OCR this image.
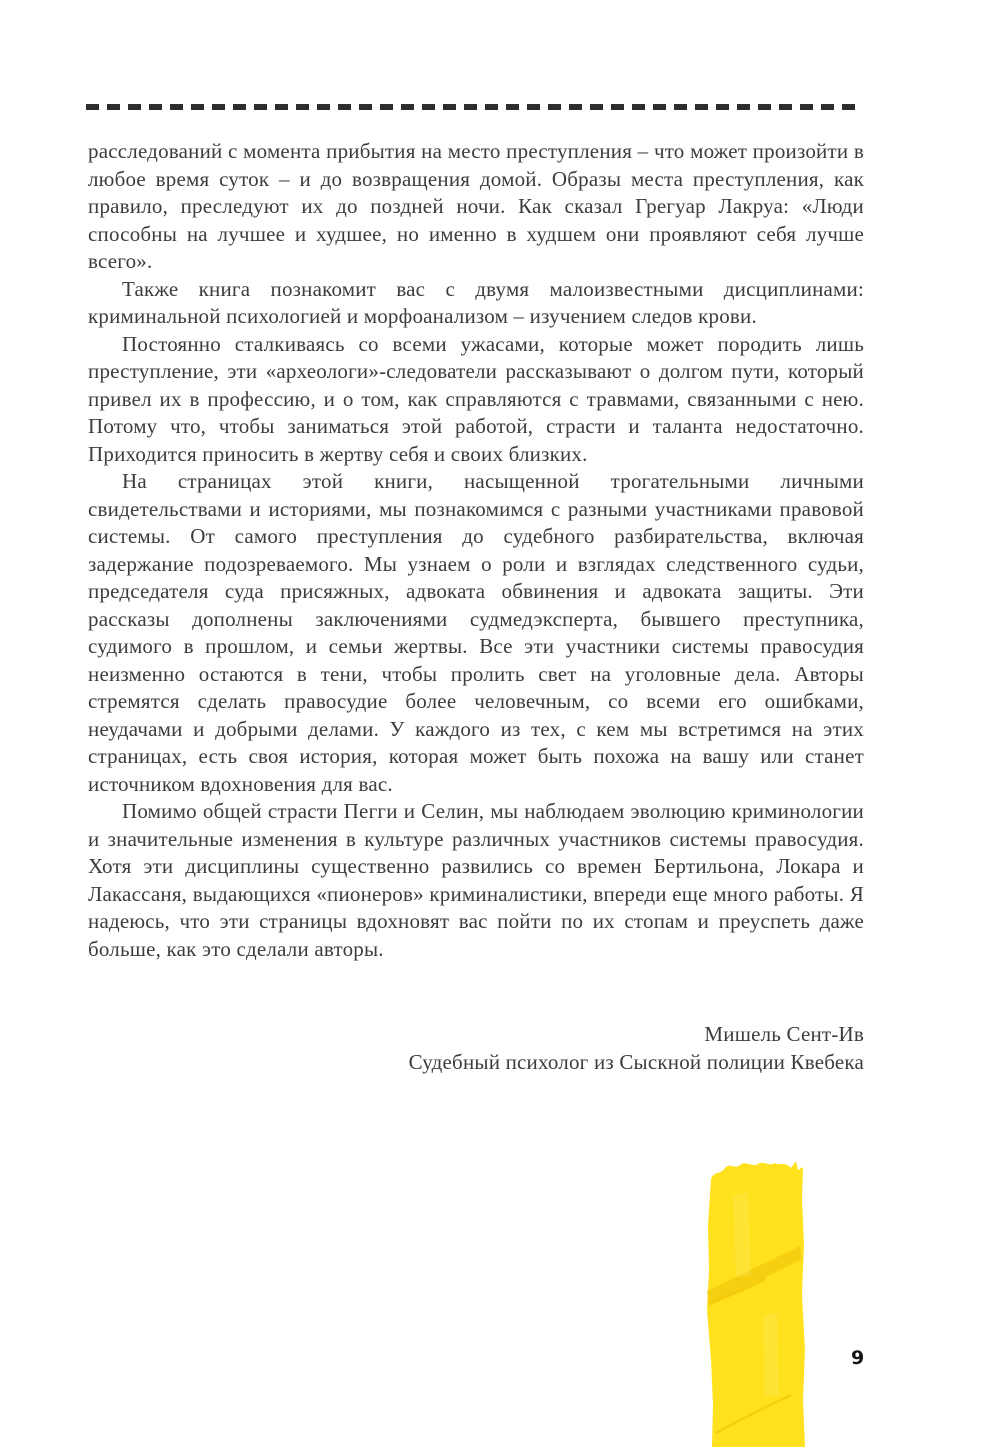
расследований с момента прибытия на место преступления – что может произойти в любое время суток – и до возвращения домой. Образы места преступления, как правило, преследуют их до поздней ночи. Как сказал Грегуар Лакруа: «Люди способны на лучшее и худшее, но именно в худшем они проявляют себя лучше всего».

Также книга познакомит вас с двумя малоизвестными дисциплинами: криминальной психологией и морфоанализом – изучением следов крови.

Постоянно сталкиваясь со всеми ужасами, которые может породить лишь преступление, эти «археологи»-следователи рассказывают о долгом пути, который привел их в профессию, и о том, как справляются с травмами, связанными с нею. Потому что, чтобы заниматься этой работой, страсти и таланта недостаточно. Приходится приносить в жертву себя и своих близких.

На страницах этой книги, насыщенной трогательными личными свидетельствами и историями, мы познакомимся с разными участниками правовой системы. От самого преступления до судебного разбирательства, включая задержание подозреваемого. Мы узнаем о роли и взглядах следственного судьи, председателя суда присяжных, адвоката обвинения и адвоката защиты. Эти рассказы дополнены заключениями судмедэксперта, бывшего преступника, судимого в прошлом, и семьи жертвы. Все эти участники системы правосудия неизменно остаются в тени, чтобы пролить свет на уголовные дела. Авторы стремятся сделать правосудие более человечным, со всеми его ошибками, неудачами и добрыми делами. У каждого из тех, с кем мы встретимся на этих страницах, есть своя история, которая может быть похожа на вашу или станет источником вдохновения для вас.

Помимо общей страсти Пегги и Селин, мы наблюдаем эволюцию криминологии и значительные изменения в культуре различных участников системы правосудия. Хотя эти дисциплины существенно развились со времен Бертильона, Локара и Лакассаня, выдающихся «пионеров» криминалистики, впереди еще много работы. Я надеюсь, что эти страницы вдохновят вас пойти по их стопам и преуспеть даже больше, как это сделали авторы.

Мишель Сент-Ив
Судебный психолог из Сыскной полиции Квебека
9
